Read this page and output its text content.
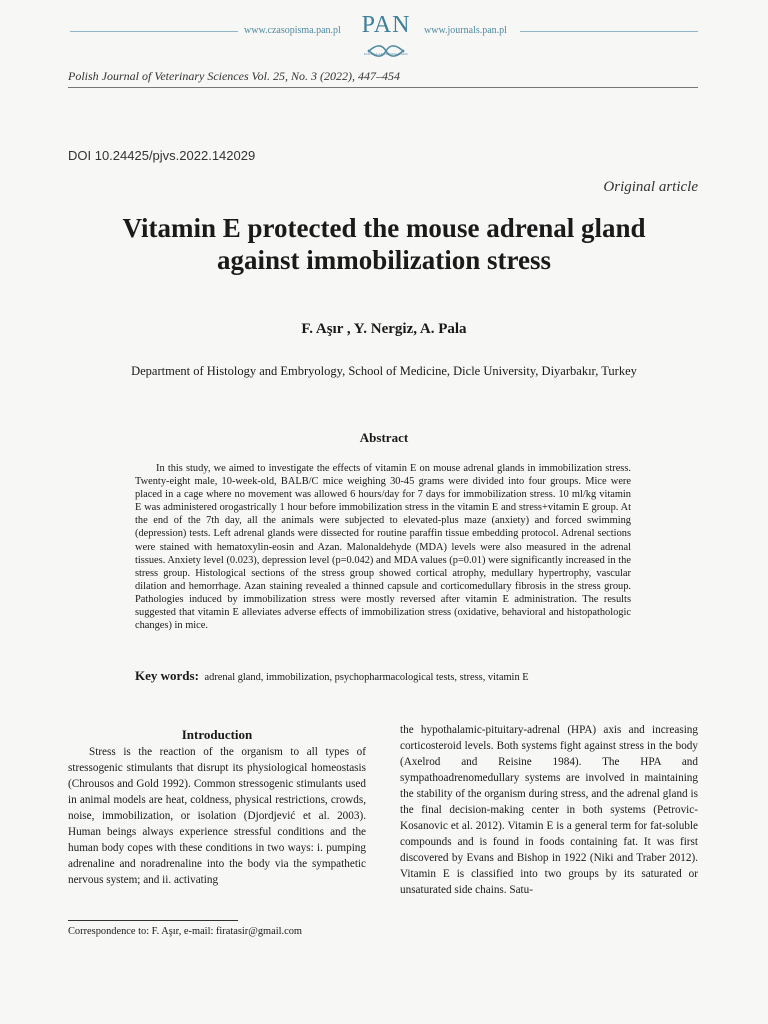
www.czasopisma.pan.pl PAN
POLSKA AKADEMIA NAUK
www.journals.pan.pl
Polish Journal of Veterinary Sciences Vol. 25, No. 3 (2022), 447–454
DOI 10.24425/pjvs.2022.142029
Original article
Vitamin E protected the mouse adrenal gland
against immobilization stress
F. Aşır , Y. Nergiz, A. Pala
Department of Histology and Embryology, School of Medicine, Dicle University, Diyarbakır, Turkey
Abstract

In this study, we aimed to investigate the effects of vitamin E on mouse adrenal glands in immobilization stress. Twenty-eight male, 10-week-old, BALB/C mice weighing 30-45 grams were divided into four groups. Mice were placed in a cage where no movement was allowed 6 hours/day for 7 days for immobilization stress. 10 ml/kg vitamin E was administered orogastrically 1 hour before immobilization stress in the vitamin E and stress+vitamin E group. At the end of the 7th day, all the animals were subjected to elevated-plus maze (anxiety) and forced swimming (depression) tests. Left adrenal glands were dissected for routine paraffin tissue embedding protocol. Adrenal sections were stained with hematoxylin-eosin and Azan. Malonaldehyde (MDA) levels were also measured in the adrenal tissues. Anxiety level (0.023), depression level (p=0.042) and MDA values (p=0.01) were significantly increased in the stress group. Histological sections of the stress group showed cortical atrophy, medullary hypertrophy, vascular dilation and hemorrhage. Azan staining revealed a thinned capsule and corticomedullary fibrosis in the stress group. Pathologies induced by immobilization stress were mostly reversed after vitamin E administration. The results suggested that vitamin E alleviates adverse effects of immobilization stress (oxidative, behavioral and histopathologic changes) in mice.

Key words: adrenal gland, immobilization, psychopharmacological tests, stress, vitamin E
Introduction

Stress is the reaction of the organism to all types of stressogenic stimulants that disrupt its physiological homeostasis (Chrousos and Gold 1992). Common stressogenic stimulants used in animal models are heat, coldness, physical restrictions, crowds, noise, immobilization, or isolation (Djordjević et al. 2003). Human beings always experience stressful conditions and the human body copes with these conditions in two ways: i. pumping adrenaline and noradrenaline into the body via the sympathetic nervous system; and ii. activating

the hypothalamic-pituitary-adrenal (HPA) axis and increasing corticosteroid levels. Both systems fight against stress in the body (Axelrod and Reisine 1984). The HPA and sympathoadrenomedullary systems are involved in maintaining the stability of the organism during stress, and the adrenal gland is the final decision-making center in both systems (Petrovic-Kosanovic et al. 2012). Vitamin E is a general term for fat-soluble compounds and is found in foods containing fat. It was first discovered by Evans and Bishop in 1922 (Niki and Traber 2012). Vitamin E is classified into two groups by its saturated or unsaturated side chains. Satu-

Correspondence to: F. Aşır, e-mail: firatasir@gmail.com
